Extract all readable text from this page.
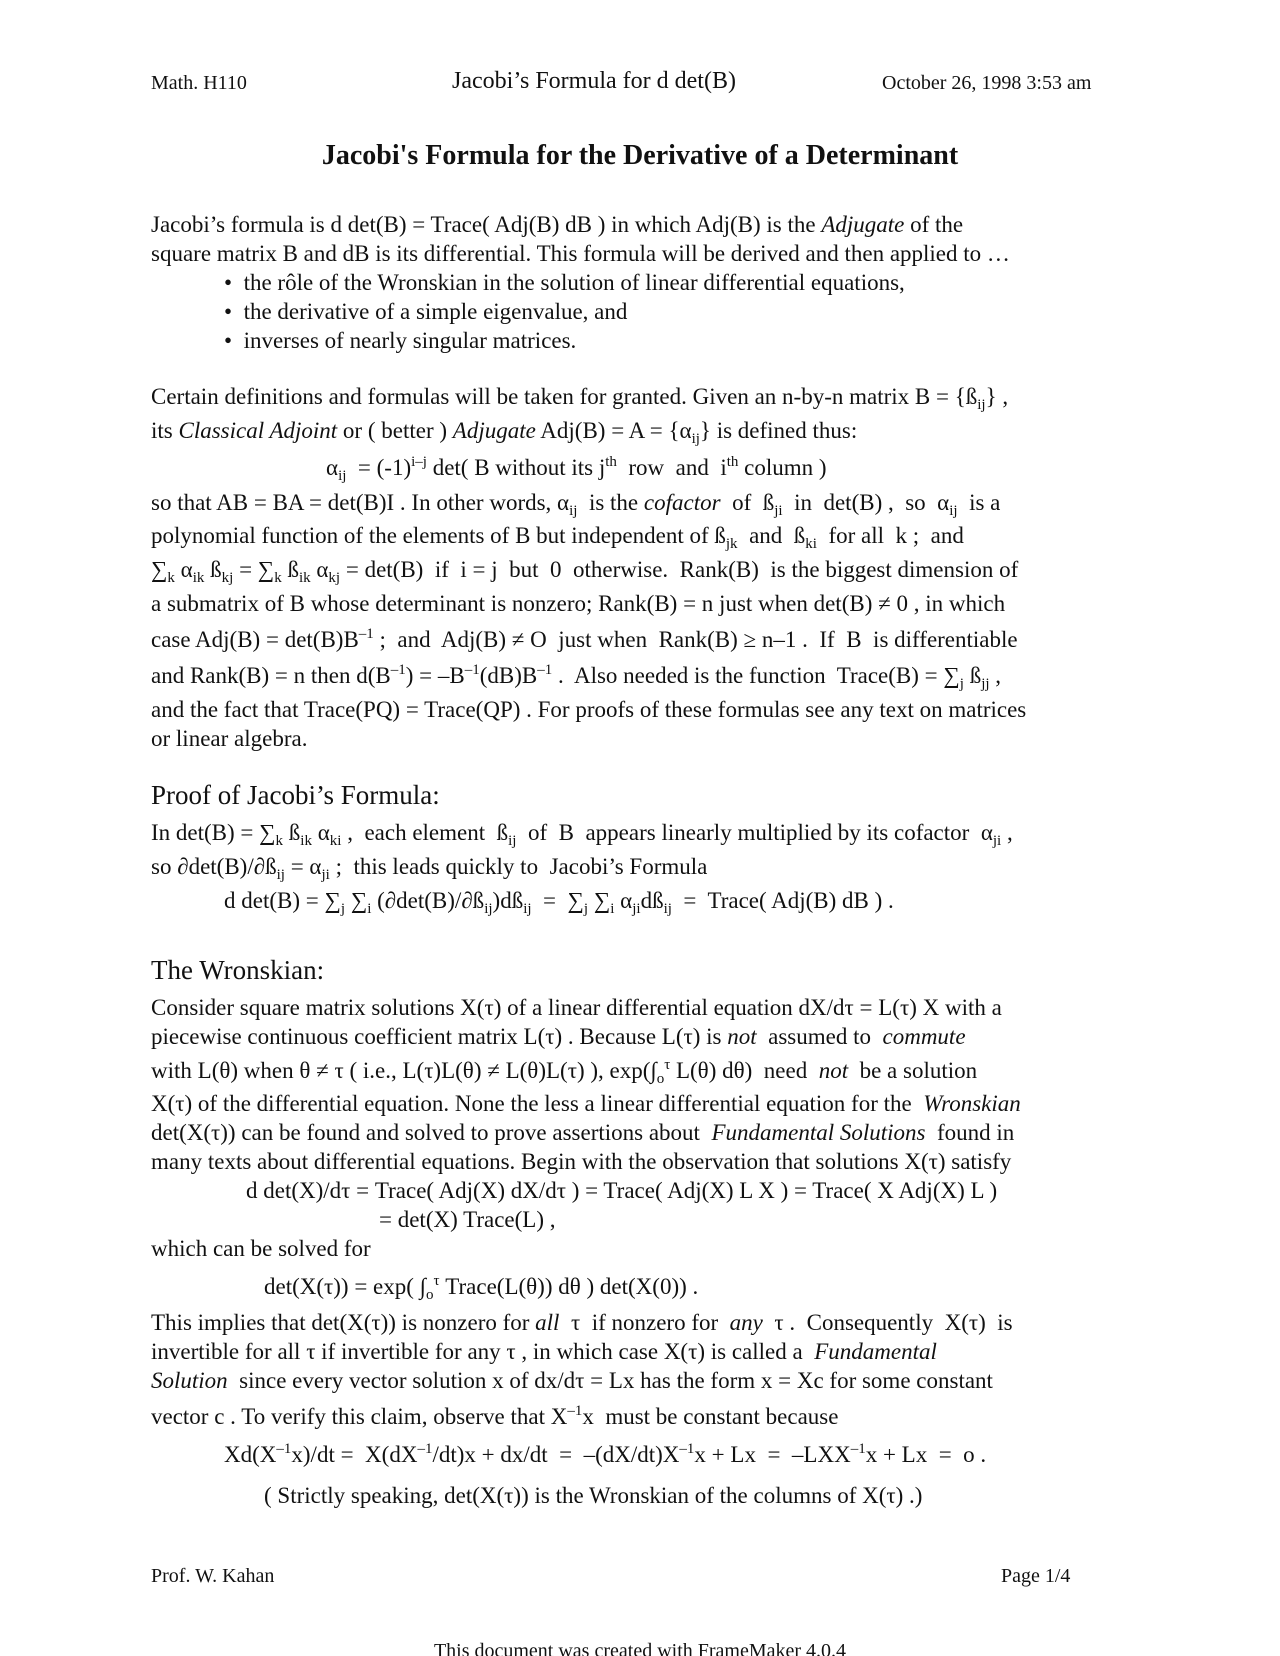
Math. H110	Jacobi’s Formula for d det(B)	October 26, 1998 3:53 am
Jacobi's Formula for the Derivative of a Determinant
Jacobi’s formula is d det(B) = Trace( Adj(B) dB ) in which Adj(B) is the Adjugate of the
square matrix B and dB is its differential. This formula will be derived and then applied to …
•  the rôle of the Wronskian in the solution of linear differential equations,
•  the derivative of a simple eigenvalue, and
•  inverses of nearly singular matrices.
Certain definitions and formulas will be taken for granted. Given an n-by-n matrix $B = \{ß_{ij}\}$ ,
its Classical Adjoint or ( better ) Adjugate $Adj(B) = A = \{\alpha_{ij}\}$ is defined thus:
$\alpha_{ij} = (-1)^{i-j}$ det( B without its $j^{th}$  row  and  $i^{th}$ column )
so that AB = BA = det(B)I . In other words, $\alpha_{ij}$  is the cofactor  of  $ß_{ji}$  in  det(B) ,  so  $\alpha_{ij}$  is a
polynomial function of the elements of B but independent of $ß_{jk}$  and  $ß_{ki}$  for all  k ;  and
$\sum_k$ $\alpha_{ik}$ $ß_{kj} = \sum_k$ $ß_{ik}$ $\alpha_{kj} = \det(B)$  if  i = j  but  0  otherwise.  Rank(B)  is the biggest dimension of
a submatrix of B whose determinant is nonzero; Rank(B) = n just when det(B) ≠ 0 , in which
case $Adj(B) = \det(B)B^{-1}$ ;  and  Adj(B) ≠ O  just when  Rank(B) ≥ n–1 .  If  B  is differentiable
and Rank(B) = n then $d(B^{-1}) = -B^{-1}(dB)B^{-1}$ .  Also needed is the function  Trace(B) = $\sum_j$ $ß_{jj}$ ,
and the fact that Trace(PQ) = Trace(QP) . For proofs of these formulas see any text on matrices
or linear algebra.
Proof of Jacobi’s Formula:
In $\det(B) = \sum_k$ $ß_{ik}$ $\alpha_{ki}$ ,  each element  $ß_{ij}$  of  B  appears linearly multiplied by its cofactor  $\alpha_{ji}$ ,
so $\partial\det(B)/\partial ß_{ij} = \alpha_{ji}$ ;  this leads quickly to  Jacobi’s Formula
d $\det(B) = \sum_j$ $\sum_i$ $(\partial\det(B)/\partial ß_{ij})dß_{ij} = \sum_j$ $\sum_i$ $\alpha_{ji}dß_{ij}$  =  Trace( Adj(B) dB ) .
The Wronskian:
Consider square matrix solutions X(τ) of a linear differential equation dX/dτ = L(τ) X with a
piecewise continuous coefficient matrix L(τ) . Because L(τ) is not  assumed to  commute
with L(θ) when θ ≠ τ ( i.e., L(τ)L(θ) ≠ L(θ)L(τ) ), $\exp(\int_o^\tau$ L(θ) dθ)  need  not  be a solution
X(τ) of the differential equation. None the less a linear differential equation for the Wronskian
det(X(τ)) can be found and solved to prove assertions about Fundamental Solutions  found in
many texts about differential equations. Begin with the observation that solutions X(τ) satisfy
d det(X)/dτ = Trace( Adj(X) dX/dτ ) = Trace( Adj(X) L X ) = Trace( X Adj(X) L )
= det(X) Trace(L) ,
which can be solved for
det(X(τ)) = exp( $\int_o^\tau$ Trace(L(θ)) dθ ) det(X(0)) .
This implies that det(X(τ)) is nonzero for all  τ  if nonzero for  any  τ .  Consequently  X(τ)  is
invertible for all τ if invertible for any τ , in which case X(τ) is called a Fundamental
Solution since every vector solution x of dx/dτ = Lx has the form x = Xc for some constant
vector c . To verify this claim, observe that $X^{-1}x$  must be constant because
$Xd(X^{-1}x)/dt = X(dX^{-1}/dt)x + dx/dt = -(dX/dt)X^{-1}x + Lx = -LXX^{-1}x + Lx = o$ .
( Strictly speaking, det(X(τ)) is the Wronskian of the columns of X(τ) .)
Prof. W. Kahan	Page 1/4
This document was created with FrameMaker 4.0.4
